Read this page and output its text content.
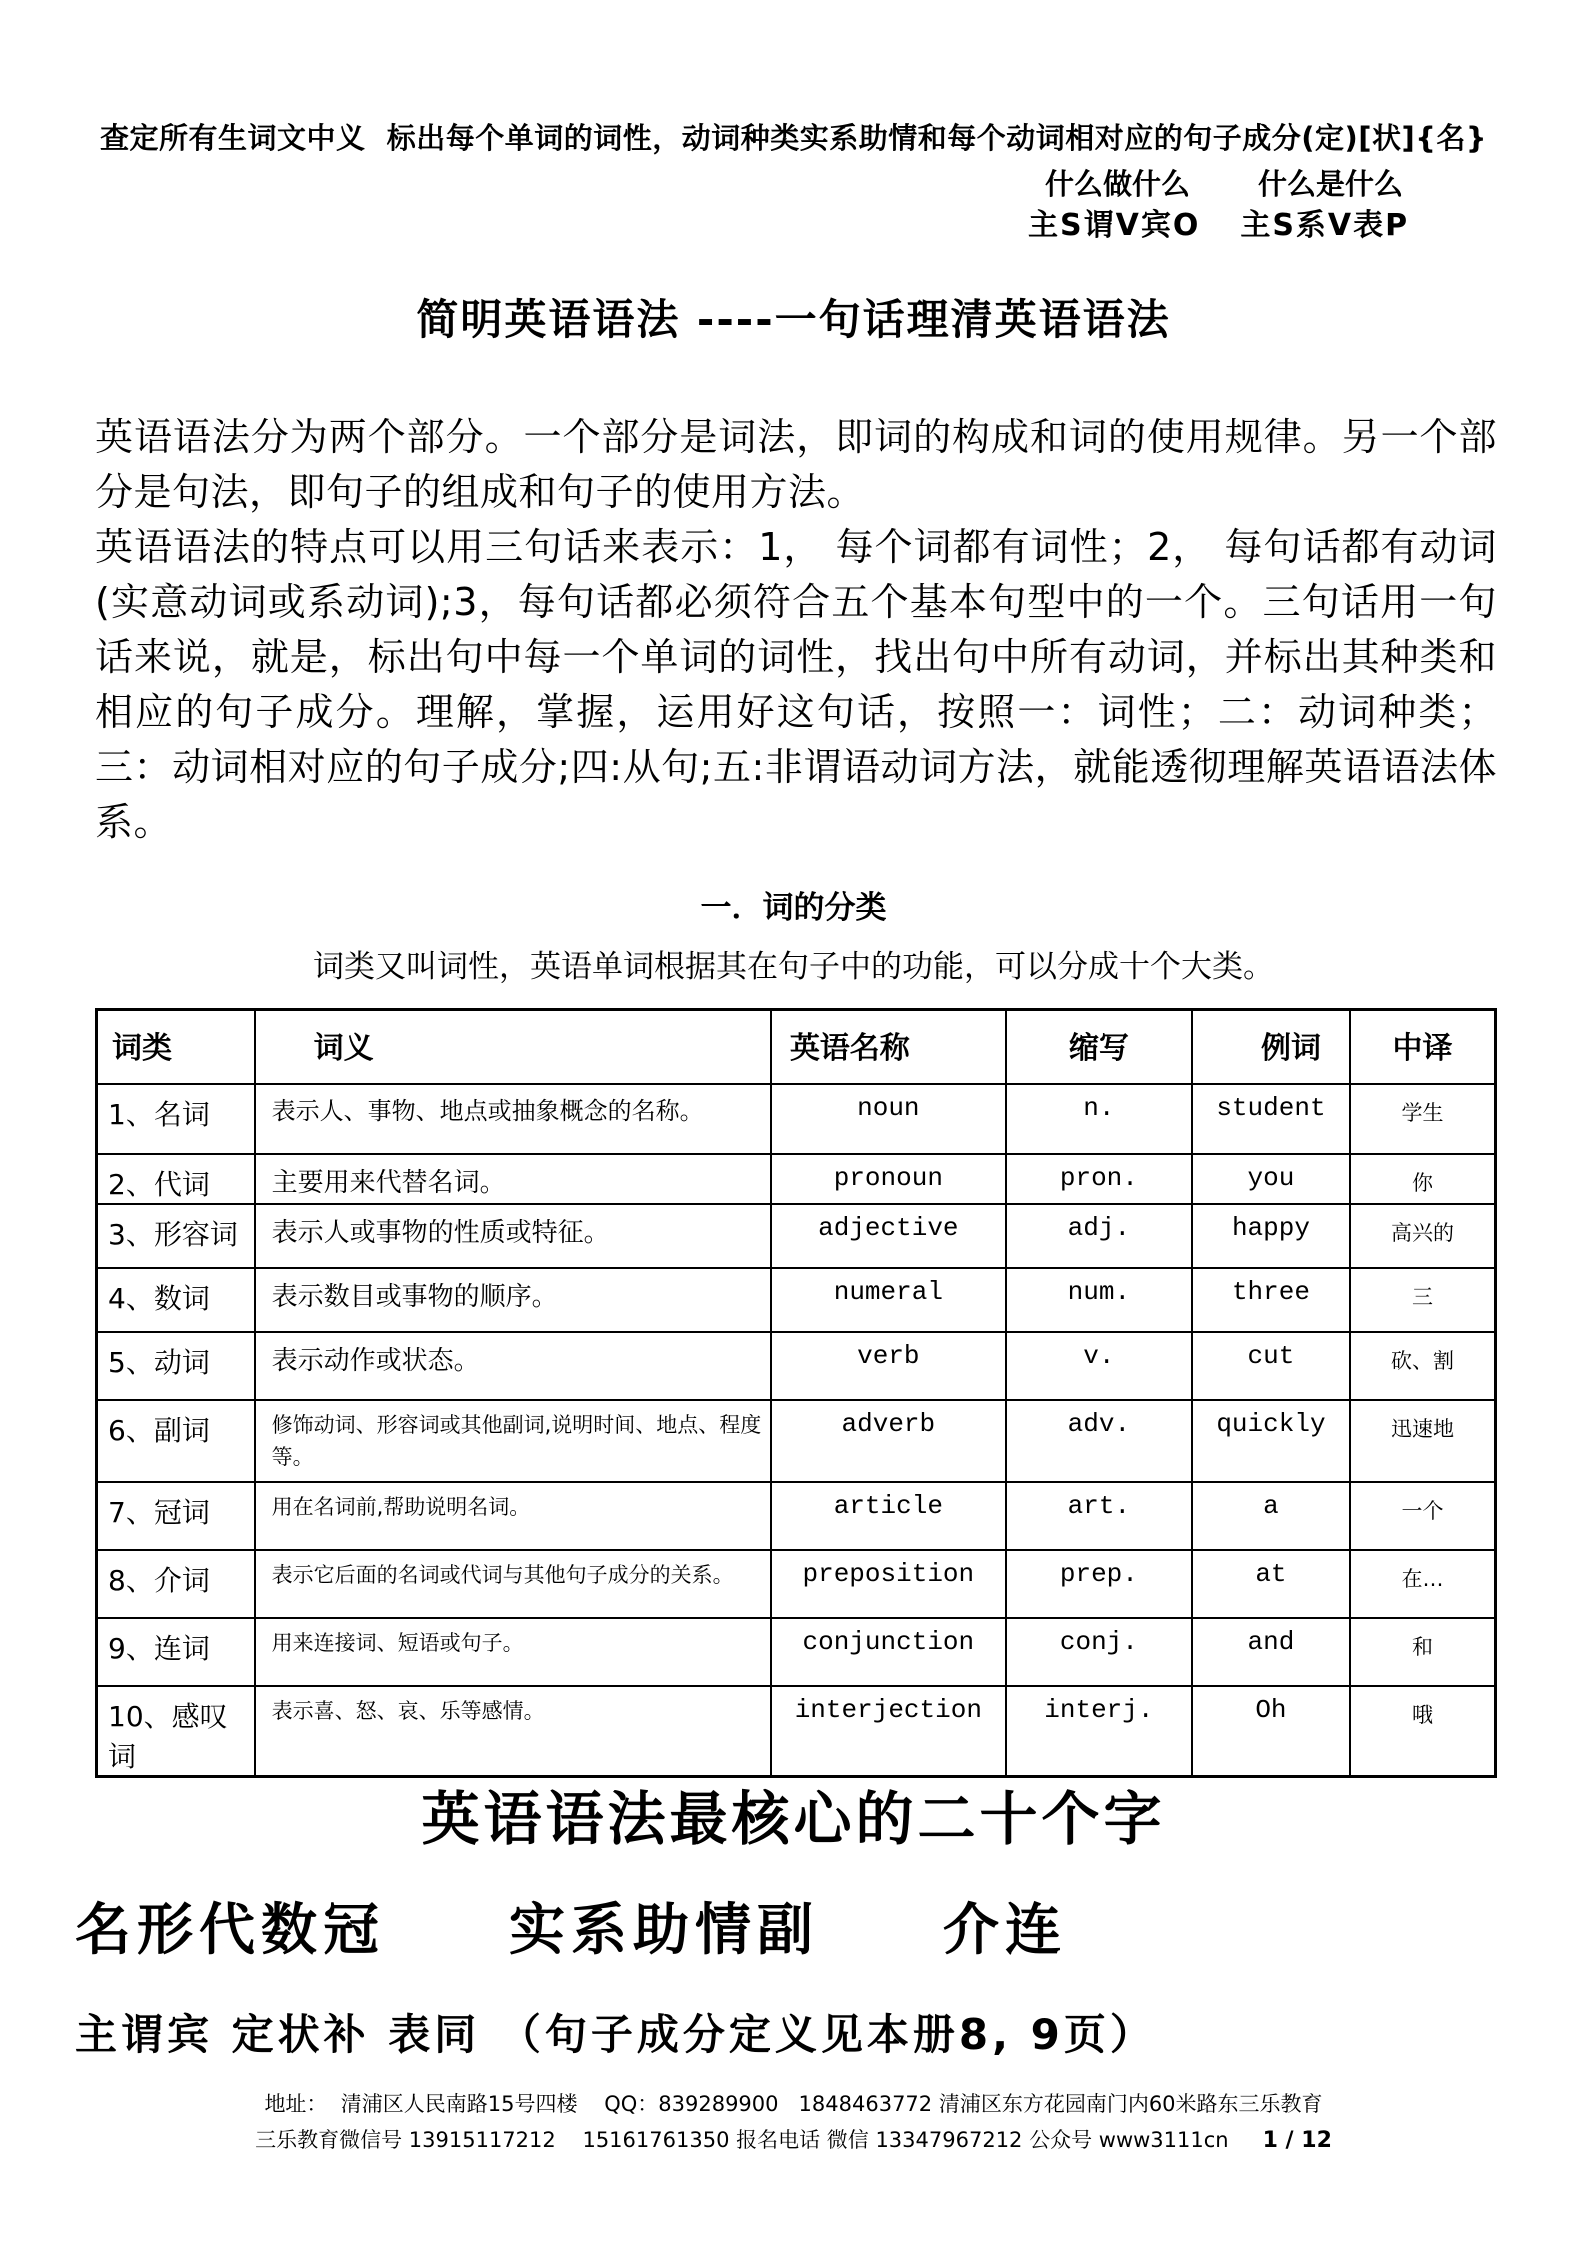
查定所有生词文中义  标出每个单词的词性，动词种类实系助情和每个动词相对应的句子成分(定)[状]{名}
什么做什么 什么是什么
主S谓V宾O 主S系V表P
简明英语语法 ----一句话理清英语语法

英语语法分为两个部分。一个部分是词法，即词的构成和词的使用规律。另一个部分是句法，即句子的组成和句子的使用方法。

英语语法的特点可以用三句话来表示：1， 每个词都有词性；2， 每句话都有动词(实意动词或系动词);3，每句话都必须符合五个基本句型中的一个。三句话用一句话来说，就是，标出句中每一个单词的词性，找出句中所有动词，并标出其种类和相应的句子成分。理解，掌握，运用好这句话，按照一：词性；二：动词种类；三：动词相对应的句子成分;四:从句;五:非谓语动词方法，就能透彻理解英语语法体系。

一．词的分类
词类又叫词性，英语单词根据其在句子中的功能，可以分成十个大类。
词类	词义	英语名称	缩写	例词	中译
1、名词	表示人、事物、地点或抽象概念的名称。	noun	n.	student	学生
2、代词	主要用来代替名词。	pronoun	pron.	you	你
3、形容词	表示人或事物的性质或特征。	adjective	adj.	happy	高兴的
4、数词	表示数目或事物的顺序。	numeral	num.	three	三
5、动词	表示动作或状态。	verb	v.	cut	砍、割
6、副词	修饰动词、形容词或其他副词,说明时间、地点、程度等。	adverb	adv.	quickly	迅速地
7、冠词	用在名词前,帮助说明名词。	article	art.	a	一个
8、介词	表示它后面的名词或代词与其他句子成分的关系。	preposition	prep.	at	在…
9、连词	用来连接词、短语或句子。	conjunction	conj.	and	和
10、感叹词	表示喜、怒、哀、乐等感情。	interjection	interj.	Oh	哦
英语语法最核心的二十个字
名形代数冠　　实系助情副　　介连
主谓宾 定状补 表同 （句子成分定义见本册8, 9页）
地址：  清浦区人民南路15号四楼    QQ：839289900   1848463772 清浦区东方花园南门内60米路东三乐教育
三乐教育微信号 13915117212    15161761350 报名电话 微信 13347967212 公众号 www3111cn 1 / 12
